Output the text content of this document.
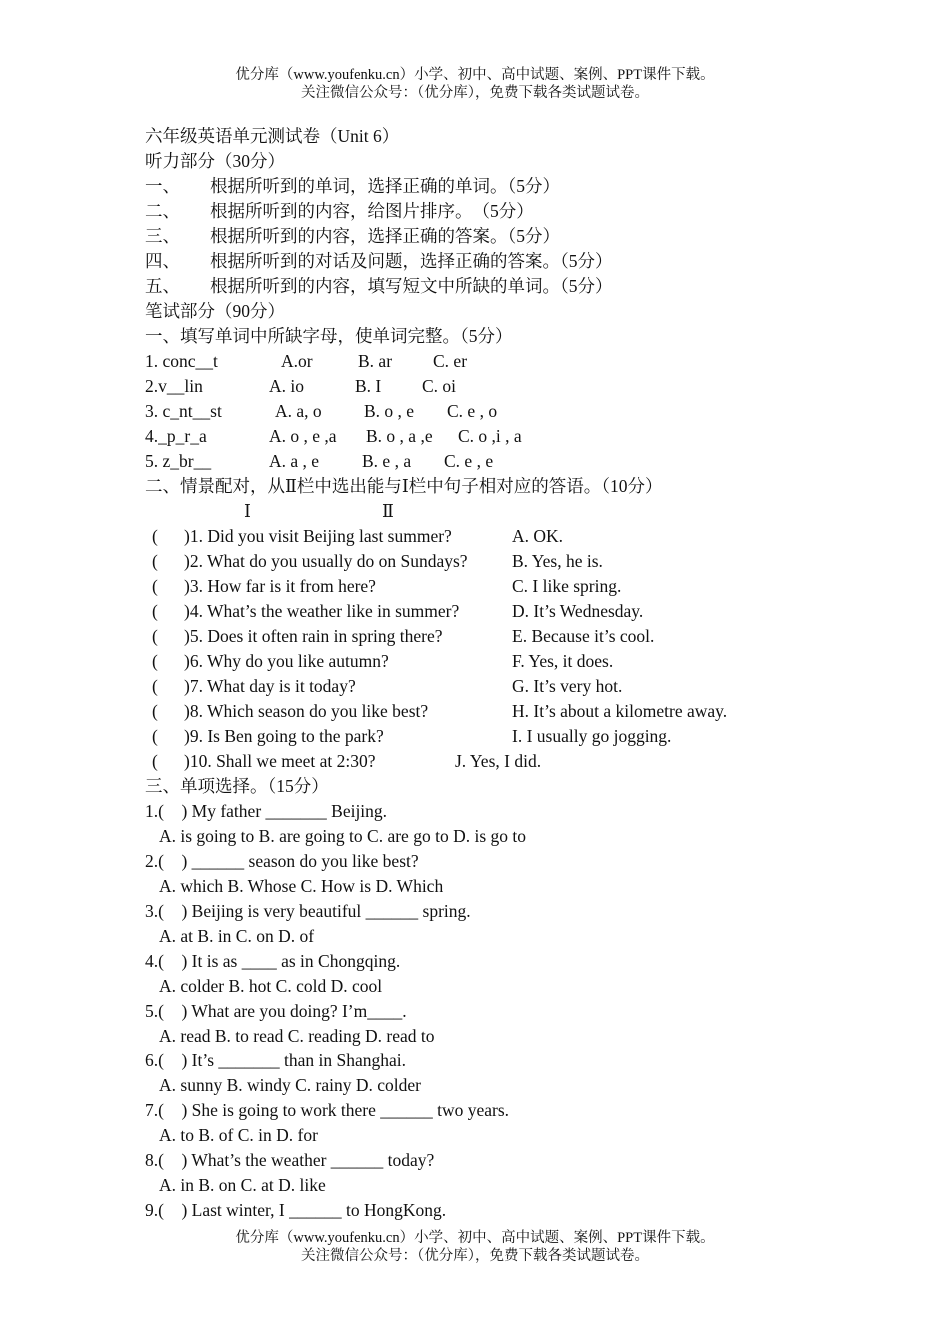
优分库（www.youfenku.cn）小学、初中、高中试题、案例、PPT课件下载。
关注微信公众号：（优分库），免费下载各类试题试卷。
六年级英语单元测试卷（Unit 6）
听力部分（30分）
一、 根据所听到的单词，选择正确的单词。（5分）
二、 根据所听到的内容，给图片排序。　（5分）
三、 根据所听到的内容，选择正确的答案。（5分）
四、 根据所听到的对话及问题，选择正确的答案。（5分）
五、 根据所听到的内容，填写短文中所缺的单词。（5分）
笔试部分（90分）
一、填写单词中所缺字母，使单词完整。（5分）
1. conc__t	A.or	B. ar C. er
2.v__lin	A. io	B. I C. oi
3. c_nt__st	A. a, o B. o , e C. e , o
4._p_r_a	A. o , e ,a B. o , a ,e C. o ,i , a
5. z_br__	A. a , e B. e , a C. e , e
二、情景配对，从Ⅱ栏中选出能与Ⅰ栏中句子相对应的答语。（10分）
Ⅰ	Ⅱ
( )1. Did you visit Beijing last summer?	A. OK.
( )2. What do you usually do on Sundays?	B. Yes, he is.
( )3. How far is it from here?	C. I like spring.
( )4. What’s the weather like in summer?	D. It’s Wednesday.
( )5. Does it often rain in spring there?	E. Because it’s cool.
( )6. Why do you like autumn?	F. Yes, it does.
( )7. What day is it today?	G. It’s very hot.
( )8. Which season do you like best?	H. It’s about a kilometre away.
( )9. Is Ben going to the park?	I. I usually go jogging.
( )10. Shall we meet at 2:30?	J. Yes, I did.
三、单项选择。（15分）
1.(　) My father _______ Beijing.
A. is going to B. are going to C. are go to D. is go to
2.(　) ______ season do you like best?
A. which B. Whose C. How is D. Which
3.(　) Beijing is very beautiful ______ spring.
A. at B. in C. on D. of
4.(　) It is as ____ as in Chongqing.
A. colder B. hot C. cold D. cool
5.(　) What are you doing? I’m____.
A. read B. to read C. reading D. read to
6.(　) It’s _______ than in Shanghai.
A. sunny B. windy C. rainy D. colder
7.(　) She is going to work there ______ two years.
A. to B. of C. in D. for
8.(　) What’s the weather ______ today?
A. in B. on C. at D. like
9.(　) Last winter, I ______ to HongKong.
优分库（www.youfenku.cn）小学、初中、高中试题、案例、PPT课件下载。
关注微信公众号：（优分库），免费下载各类试题试卷。
